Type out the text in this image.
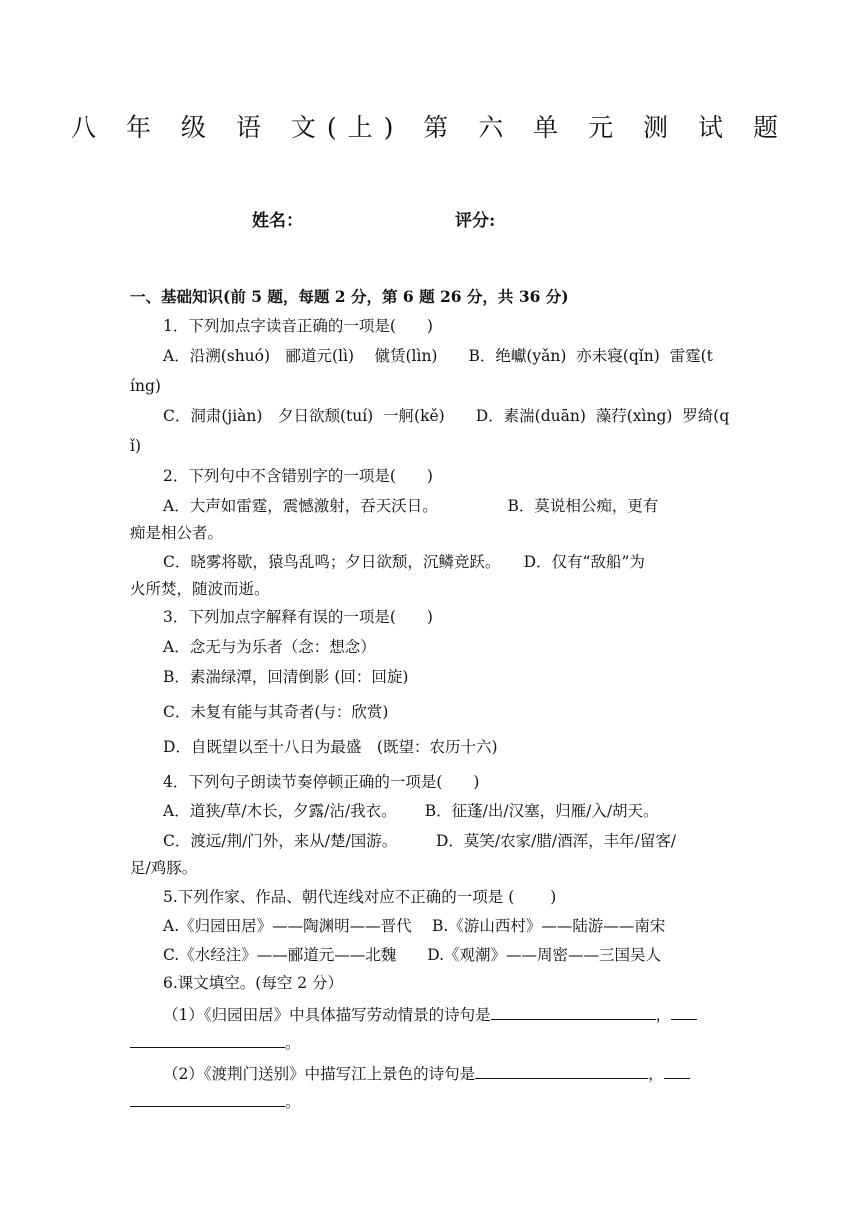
八 年 级 语 文(上) 第 六 单 元 测 试 题
姓名：	评分:
一、基础知识(前 5 题，每题 2 分，第 6 题 26 分，共 36 分)
1．下列加点字读音正确的一项是(　　)
A．沿溯(shuó)　郦道元(lì)　 僦赁(lìn)　　B．绝巘(yǎn)  亦未寝(qǐn)  雷霆(t
íng)
C．洞肃(jiàn)　夕日欲颓(tuí)  一舸(kě)　　D．素湍(duān)  藻荇(xìng)  罗绮(q
ǐ)
2．下列句中不含错别字的一项是(　　)
A．大声如雷霆，震憾激射，吞天沃日。　　　　　B．莫说相公痴，更有
痴是相公者。
C．晓雾将歇，猿鸟乱鸣；夕日欲颓，沉鳞竞跃。　　D．仅有“敌船”为
火所焚，随波而逝。
3．下列加点字解释有误的一项是(　　)
A．念无与为乐者（念：想念）
B．素湍绿潭，回清倒影 (回：回旋)
C．未复有能与其奇者(与：欣赏)
D．自既望以至十八日为最盛　(既望：农历十六)
4．下列句子朗读节奏停顿正确的一项是(　　)
A．道狭/草/木长，夕露/沾/我衣。　　 B．征蓬/出/汉塞，归雁/入/胡天。
C．渡远/荆/门外，来从/楚/国游。　　　D．莫笑/农家/腊/酒浑，丰年/留客/
足/鸡豚。
5.下列作家、作品、朝代连线对应不正确的一项是 (　　 )
A.《归园田居》——陶渊明——晋代　 B.《游山西村》——陆游——南宋
C.《水经注》——郦道元——北魏　　D.《观潮》——周密——三国吴人
6.课文填空。(每空 2 分）
（1）《归园田居》中具体描写劳动情景的诗句是	，
。
（2）《渡荆门送别》中描写江上景色的诗句是	，
。
